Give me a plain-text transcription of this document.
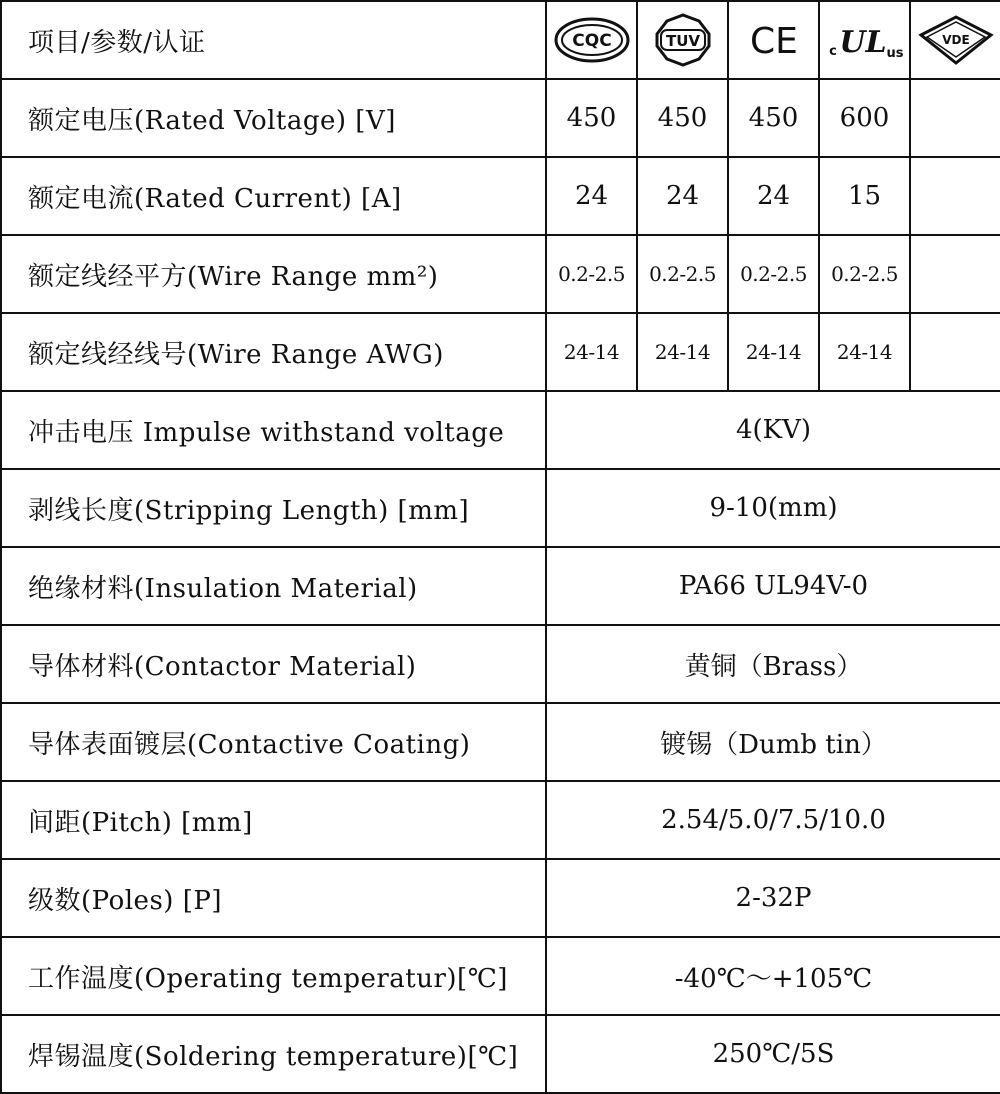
项目/参数/认证	CQC	TUV	CE	c UL us	VDE

额定电压(Rated Voltage) [V]	450	450	450	600	
额定电流(Rated Current) [A]	24	24	24	15	
额定线经平方(Wire Range mm²)	0.2-2.5	0.2-2.5	0.2-2.5	0.2-2.5	
额定线经线号(Wire Range AWG)	24-14	24-14	24-14	24-14	
冲击电压 Impulse withstand voltage	4(KV)				
剥线长度(Stripping Length) [mm]	9-10(mm)				
绝缘材料(Insulation Material)	PA66 UL94V-0				
导体材料(Contactor Material)	黄铜（Brass）				
导体表面镀层(Contactive Coating)	镀锡（Dumb tin）				
间距(Pitch) [mm]	2.54/5.0/7.5/10.0				
级数(Poles) [P]	2-32P				
工作温度(Operating temperatur)[℃]	-40℃～+105℃				
焊锡温度(Soldering temperature)[℃]	250℃/5S				
